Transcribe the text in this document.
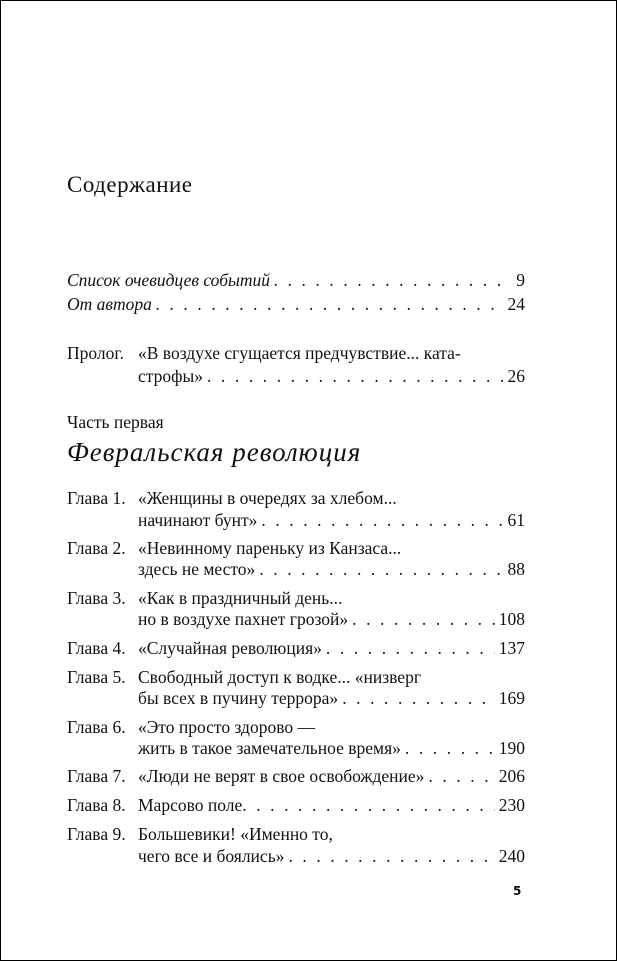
Содержание
Список очевидцев событий . . .	9
От автора . . .	24
Пролог. «В воздухе сгущается предчувствие... ката-
строфы» . . .	26
Часть первая
Февральская революция
Глава 1. «Женщины в очередях за хлебом...
начинают бунт» . . .	61
Глава 2. «Невинному пареньку из Канзаса...
здесь не место» . . .	88
Глава 3. «Как в праздничный день...
но в воздухе пахнет грозой» . . .	108
Глава 4. «Случайная революция» . . .	137
Глава 5. Свободный доступ к водке... «низверг
бы всех в пучину террора» . . .	169
Глава 6. «Это просто здорово —
жить в такое замечательное время» . . .	190
Глава 7. «Люди не верят в свое освобождение» . . .	206
Глава 8. Марсово поле . . .	230
Глава 9. Большевики! «Именно то,
чего все и боялись» . . .	240
5
